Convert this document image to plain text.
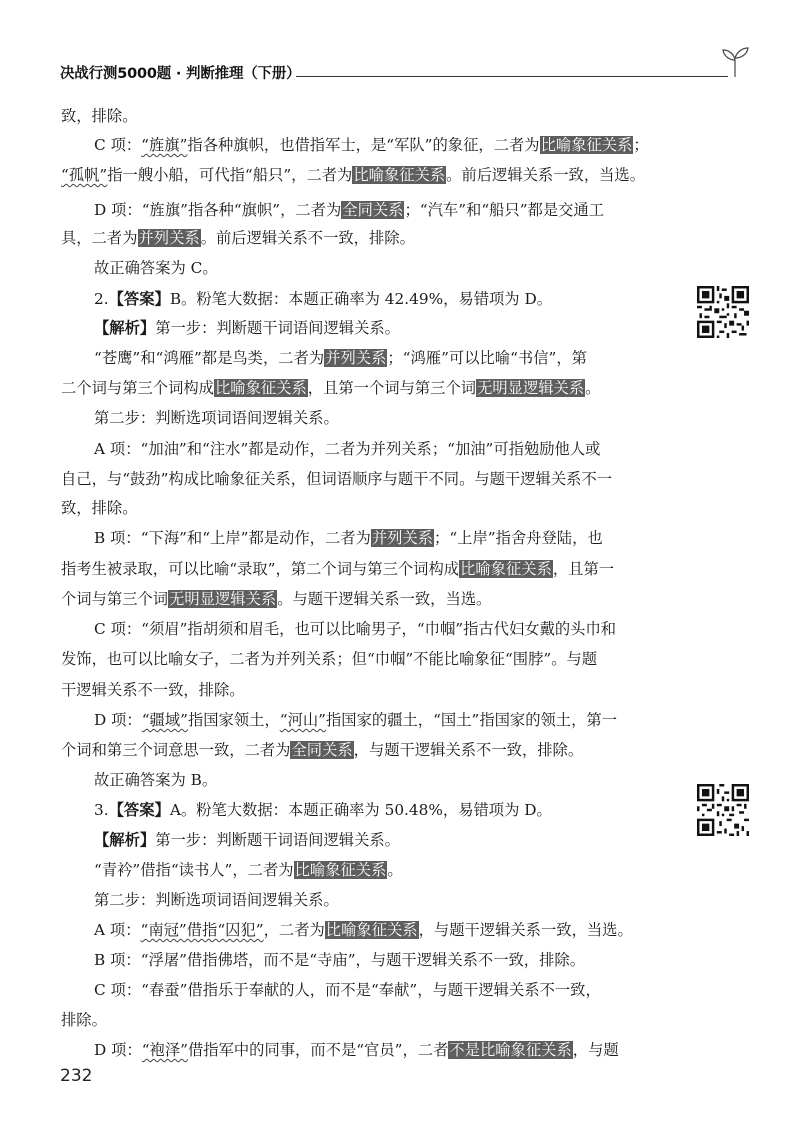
决战行测5000题 · 判断推理（下册）
致，排除。
C 项：“旌旗”指各种旗帜，也借指军士，是“军队”的象征，二者为比喻象征关系；
“孤帆”指一艘小船，可代指“船只”，二者为比喻象征关系。前后逻辑关系一致，当选。
D 项：“旌旗”指各种“旗帜”，二者为全同关系；“汽车”和“船只”都是交通工
具，二者为并列关系。前后逻辑关系不一致，排除。
故正确答案为 C。
2.【答案】B。粉笔大数据：本题正确率为 42.49%，易错项为 D。
【解析】第一步：判断题干词语间逻辑关系。
“苍鹰”和“鸿雁”都是鸟类，二者为并列关系；“鸿雁”可以比喻“书信”，第
二个词与第三个词构成比喻象征关系，且第一个词与第三个词无明显逻辑关系。
第二步：判断选项词语间逻辑关系。
A 项：“加油”和“注水”都是动作，二者为并列关系；“加油”可指勉励他人或
自己，与“鼓劲”构成比喻象征关系，但词语顺序与题干不同。与题干逻辑关系不一
致，排除。
B 项：“下海”和“上岸”都是动作，二者为并列关系；“上岸”指舍舟登陆，也
指考生被录取，可以比喻“录取”，第二个词与第三个词构成比喻象征关系，且第一
个词与第三个词无明显逻辑关系。与题干逻辑关系一致，当选。
C 项：“须眉”指胡须和眉毛，也可以比喻男子，“巾帼”指古代妇女戴的头巾和
发饰，也可以比喻女子，二者为并列关系；但“巾帼”不能比喻象征“围脖”。与题
干逻辑关系不一致，排除。
D 项：“疆域”指国家领土，“河山”指国家的疆土，“国土”指国家的领土，第一
个词和第三个词意思一致，二者为全同关系，与题干逻辑关系不一致，排除。
故正确答案为 B。
3.【答案】A。粉笔大数据：本题正确率为 50.48%，易错项为 D。
【解析】第一步：判断题干词语间逻辑关系。
“青衿”借指“读书人”，二者为比喻象征关系。
第二步：判断选项词语间逻辑关系。
A 项：“南冠”借指“囚犯”，二者为比喻象征关系，与题干逻辑关系一致，当选。
B 项：“浮屠”借指佛塔，而不是“寺庙”，与题干逻辑关系不一致，排除。
C 项：“春蚕”借指乐于奉献的人，而不是“奉献”，与题干逻辑关系不一致，
排除。
D 项：“袍泽”借指军中的同事，而不是“官员”，二者不是比喻象征关系，与题
232
